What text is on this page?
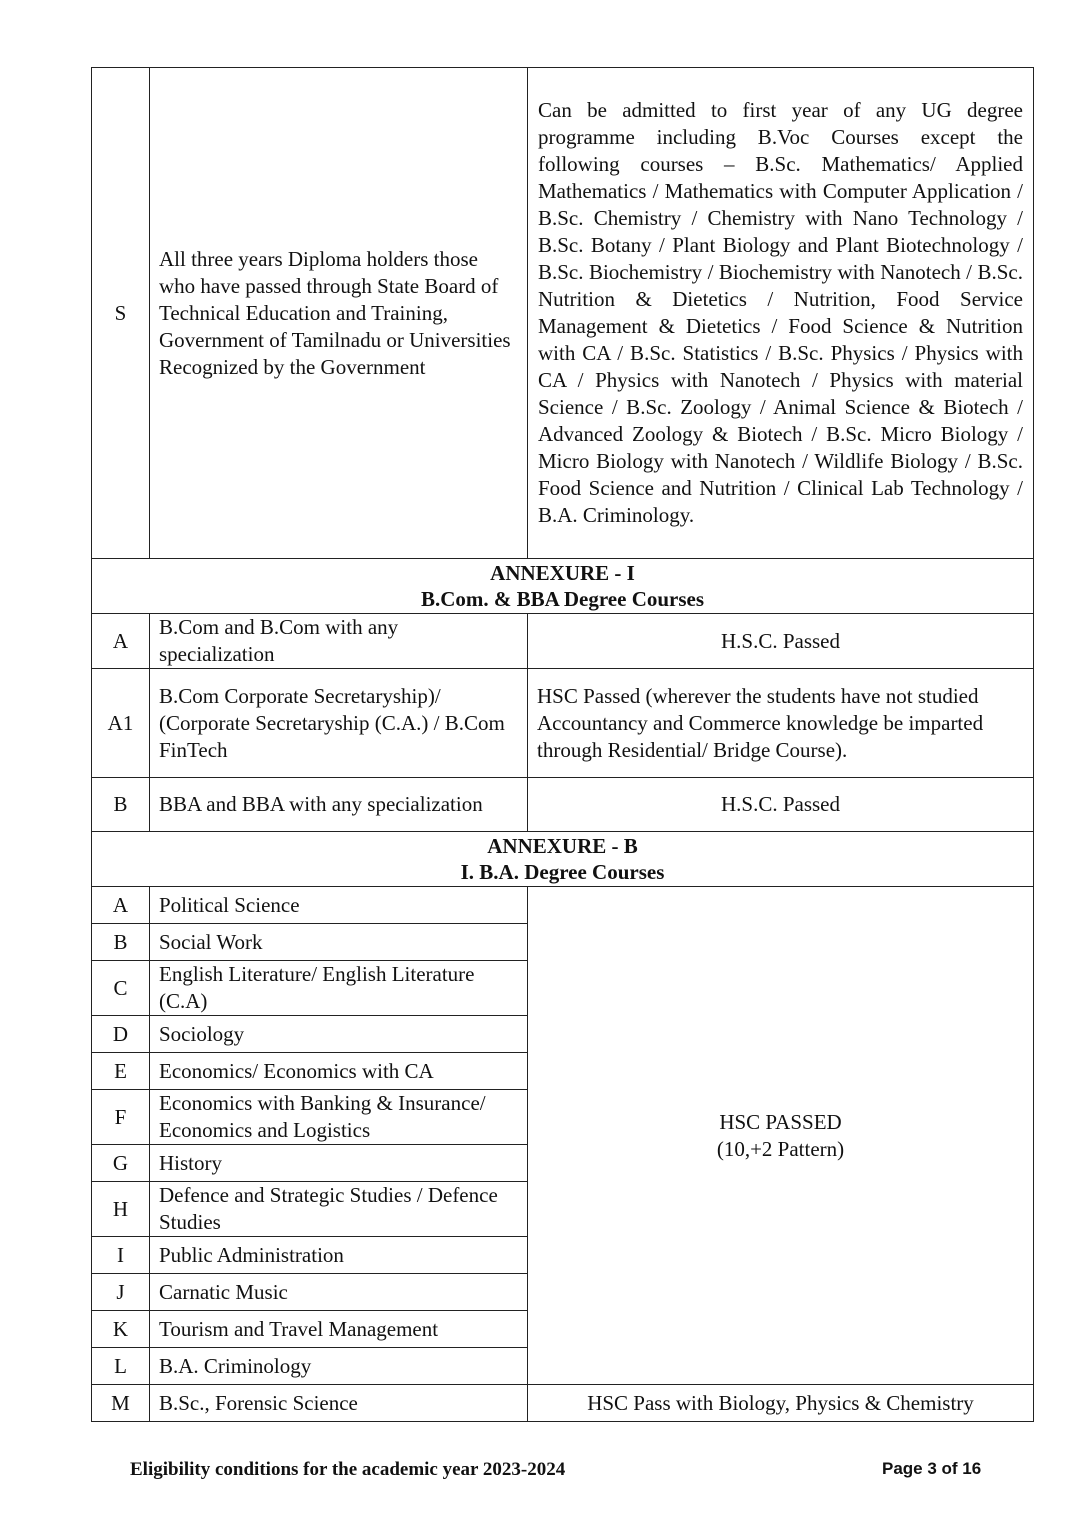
S	All three years Diploma holders those who have passed through State Board of Technical Education and Training, Government of Tamilnadu or Universities Recognized by the Government	Can be admitted to first year of any UG degree programme including B.Voc Courses except the following courses – B.Sc. Mathematics/ Applied Mathematics / Mathematics with Computer Application / B.Sc. Chemistry / Chemistry with Nano Technology / B.Sc. Botany / Plant Biology and Plant Biotechnology / B.Sc. Biochemistry / Biochemistry with Nanotech / B.Sc. Nutrition & Dietetics / Nutrition, Food Service Management & Dietetics / Food Science & Nutrition with CA / B.Sc. Statistics / B.Sc. Physics / Physics with CA / Physics with Nanotech / Physics with material Science / B.Sc. Zoology / Animal Science & Biotech / Advanced Zoology & Biotech / B.Sc. Micro Biology / Micro Biology with Nanotech / Wildlife Biology / B.Sc. Food Science and Nutrition / Clinical Lab Technology / B.A. Criminology.

ANNEXURE - I
B.Com. & BBA Degree Courses		

A	B.Com and B.Com with any specialization	H.S.C. Passed
A1	B.Com Corporate Secretaryship)/ (Corporate Secretaryship (C.A.) / B.Com FinTech	HSC Passed (wherever the students have not studied Accountancy and Commerce knowledge be imparted through Residential/ Bridge Course).
B	BBA and BBA with any specialization	H.S.C. Passed

ANNEXURE - B
I. B.A. Degree Courses		

A	Political Science	HSC PASSED
(10,+2 Pattern)

B	Social Work	
C	English Literature/ English Literature (C.A)	
D	Sociology	
E	Economics/ Economics with CA	
F	Economics with Banking & Insurance/ Economics and Logistics	
G	History	
H	Defence and Strategic Studies / Defence Studies	
I	Public Administration	
J	Carnatic Music	
K	Tourism and Travel Management	
L	B.A. Criminology	
M	B.Sc., Forensic Science	HSC Pass with Biology, Physics & Chemistry
Eligibility conditions for the academic year 2023-2024	Page 3 of 16
